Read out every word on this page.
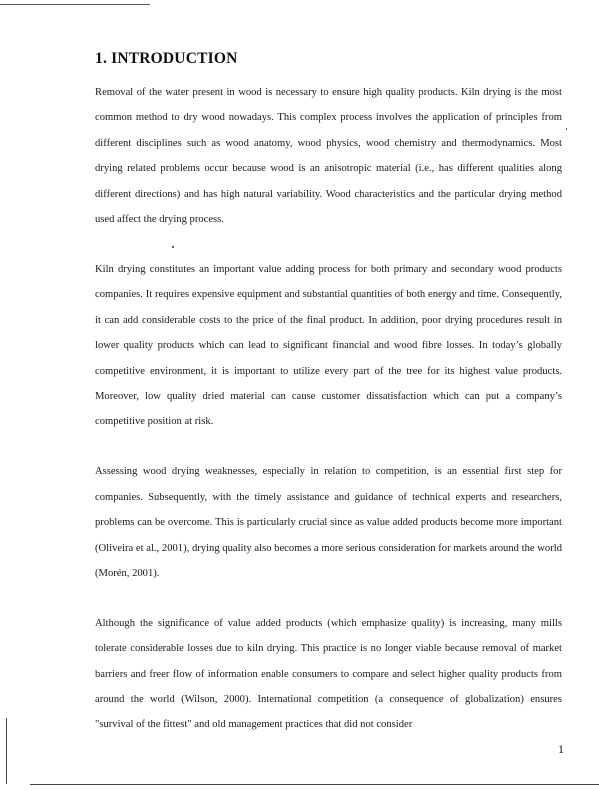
1. INTRODUCTION

Removal of the water present in wood is necessary to ensure high quality products. Kiln drying is the most common method to dry wood nowadays. This complex process involves the application of principles from different disciplines such as wood anatomy, wood physics, wood chemistry and thermodynamics. Most drying related problems occur because wood is an anisotropic material (i.e., has different qualities along different directions) and has high natural variability. Wood characteristics and the particular drying method used affect the drying process.

Kiln drying constitutes an important value adding process for both primary and secondary wood products companies. It requires expensive equipment and substantial quantities of both energy and time. Consequently, it can add considerable costs to the price of the final product. In addition, poor drying procedures result in lower quality products which can lead to significant financial and wood fibre losses. In today’s globally competitive environment, it is important to utilize every part of the tree for its highest value products. Moreover, low quality dried material can cause customer dissatisfaction which can put a company’s competitive position at risk.

Assessing wood drying weaknesses, especially in relation to competition, is an essential first step for companies. Subsequently, with the timely assistance and guidance of technical experts and researchers, problems can be overcome. This is particularly crucial since as value added products become more important (Oliveira et al., 2001), drying quality also becomes a more serious consideration for markets around the world (Morén, 2001).

Although the significance of value added products (which emphasize quality) is increasing, many mills tolerate considerable losses due to kiln drying. This practice is no longer viable because removal of market barriers and freer flow of information enable consumers to compare and select higher quality products from around the world (Wilson, 2000). International competition (a consequence of globalization) ensures "survival of the fittest" and old management practices that did not consider

1
